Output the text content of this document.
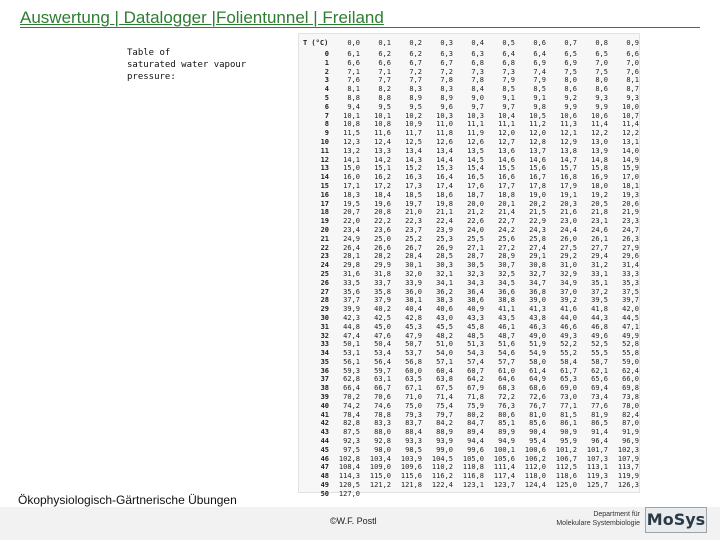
Auswertung | Datalogger |Folientunnel | Freiland
Table of
saturated water vapour pressure:
T (°C)	0,0	0,1	0,2	0,3	0,4	0,5	0,6	0,7	0,8	0,9
0	6,1	6,2	6,2	6,3	6,3	6,4	6,4	6,5	6,5	6,6
1	6,6	6,6	6,7	6,7	6,8	6,8	6,9	6,9	7,0	7,0
2	7,1	7,1	7,2	7,2	7,3	7,3	7,4	7,5	7,5	7,6
3	7,6	7,7	7,7	7,8	7,8	7,9	7,9	8,0	8,0	8,1
4	8,1	8,2	8,3	8,3	8,4	8,5	8,5	8,6	8,6	8,7
5	8,8	8,8	8,9	8,9	9,0	9,1	9,1	9,2	9,3	9,3
6	9,4	9,5	9,5	9,6	9,7	9,7	9,8	9,9	9,9	10,0
7	10,1	10,1	10,2	10,3	10,3	10,4	10,5	10,6	10,6	10,7
8	10,8	10,8	10,9	11,0	11,1	11,1	11,2	11,3	11,4	11,4
9	11,5	11,6	11,7	11,8	11,9	12,0	12,0	12,1	12,2	12,2
10	12,3	12,4	12,5	12,6	12,6	12,7	12,8	12,9	13,0	13,1
11	13,2	13,3	13,4	13,4	13,5	13,6	13,7	13,8	13,9	14,0
12	14,1	14,2	14,3	14,4	14,5	14,6	14,6	14,7	14,8	14,9
13	15,0	15,1	15,2	15,3	15,4	15,5	15,6	15,7	15,8	15,9
14	16,0	16,2	16,3	16,4	16,5	16,6	16,7	16,8	16,9	17,0
15	17,1	17,2	17,3	17,4	17,6	17,7	17,8	17,9	18,0	18,1
16	18,3	18,4	18,5	18,6	18,7	18,8	19,0	19,1	19,2	19,3
17	19,5	19,6	19,7	19,8	20,0	20,1	20,2	20,3	20,5	20,6
18	20,7	20,8	21,0	21,1	21,2	21,4	21,5	21,6	21,8	21,9
19	22,0	22,2	22,3	22,4	22,6	22,7	22,9	23,0	23,1	23,3
20	23,4	23,6	23,7	23,9	24,0	24,2	24,3	24,4	24,6	24,7
21	24,9	25,0	25,2	25,3	25,5	25,6	25,8	26,0	26,1	26,3
22	26,4	26,6	26,7	26,9	27,1	27,2	27,4	27,5	27,7	27,9
23	28,1	28,2	28,4	28,5	28,7	28,9	29,1	29,2	29,4	29,6
24	29,8	29,9	30,1	30,3	30,5	30,7	30,8	31,0	31,2	31,4
25	31,6	31,8	32,0	32,1	32,3	32,5	32,7	32,9	33,1	33,3
26	33,5	33,7	33,9	34,1	34,3	34,5	34,7	34,9	35,1	35,3
27	35,6	35,8	36,0	36,2	36,4	36,6	36,8	37,0	37,2	37,5
28	37,7	37,9	38,1	38,3	38,6	38,8	39,0	39,2	39,5	39,7
29	39,9	40,2	40,4	40,6	40,9	41,1	41,3	41,6	41,8	42,0
30	42,3	42,5	42,8	43,0	43,3	43,5	43,8	44,0	44,3	44,5
31	44,8	45,0	45,3	45,5	45,8	46,1	46,3	46,6	46,8	47,1
32	47,4	47,6	47,9	48,2	48,5	48,7	49,0	49,3	49,6	49,9
33	50,1	50,4	50,7	51,0	51,3	51,6	51,9	52,2	52,5	52,8
34	53,1	53,4	53,7	54,0	54,3	54,6	54,9	55,2	55,5	55,8
35	56,1	56,4	56,8	57,1	57,4	57,7	58,0	58,4	58,7	59,0
36	59,3	59,7	60,0	60,4	60,7	61,0	61,4	61,7	62,1	62,4
37	62,8	63,1	63,5	63,8	64,2	64,6	64,9	65,3	65,6	66,0
38	66,4	66,7	67,1	67,5	67,9	68,3	68,6	69,0	69,4	69,8
39	70,2	70,6	71,0	71,4	71,8	72,2	72,6	73,0	73,4	73,8
40	74,2	74,6	75,0	75,4	75,9	76,3	76,7	77,1	77,6	78,0
41	78,4	78,8	79,3	79,7	80,2	80,6	81,0	81,5	81,9	82,4
42	82,8	83,3	83,7	84,2	84,7	85,1	85,6	86,1	86,5	87,0
43	87,5	88,0	88,4	88,9	89,4	89,9	90,4	90,9	91,4	91,9
44	92,3	92,8	93,3	93,9	94,4	94,9	95,4	95,9	96,4	96,9
45	97,5	98,0	98,5	99,0	99,6	100,1	100,6	101,2	101,7	102,3
46	102,8	103,4	103,9	104,5	105,0	105,6	106,2	106,7	107,3	107,9
47	108,4	109,0	109,6	110,2	110,8	111,4	112,0	112,5	113,1	113,7
48	114,3	115,0	115,6	116,2	116,8	117,4	118,0	118,6	119,3	119,9
49	120,5	121,2	121,8	122,4	123,1	123,7	124,4	125,0	125,7	126,3
50	127,0									
Ökophysiologisch-Gärtnerische Übungen
©W.F. Postl
Department für
Molekulare Systembiologie MoSys
